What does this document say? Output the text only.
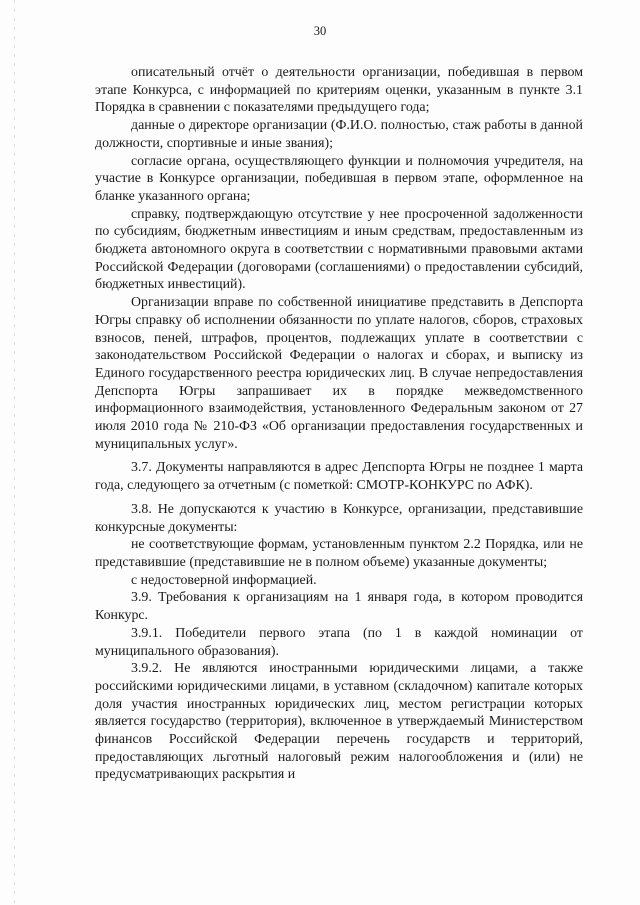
30

описательный отчёт о деятельности организации, победившая в первом этапе Конкурса, с информацией по критериям оценки, указанным в пункте 3.1 Порядка в сравнении с показателями предыдущего года;

данные о директоре организации (Ф.И.О. полностью, стаж работы в данной должности, спортивные и иные звания);

согласие органа, осуществляющего функции и полномочия учредителя, на участие в Конкурсе организации, победившая в первом этапе, оформленное на бланке указанного органа;

справку, подтверждающую отсутствие у нее просроченной задолженности по субсидиям, бюджетным инвестициям и иным средствам, предоставленным из бюджета автономного округа в соответствии с нормативными правовыми актами Российской Федерации (договорами (соглашениями) о предоставлении субсидий, бюджетных инвестиций).

Организации вправе по собственной инициативе представить в Депспорта Югры справку об исполнении обязанности по уплате налогов, сборов, страховых взносов, пеней, штрафов, процентов, подлежащих уплате в соответствии с законодательством Российской Федерации о налогах и сборах, и выписку из Единого государственного реестра юридических лиц. В случае непредоставления Депспорта Югры запрашивает их в порядке межведомственного информационного взаимодействия, установленного Федеральным законом от 27 июля 2010 года № 210-ФЗ «Об организации предоставления государственных и муниципальных услуг».

3.7. Документы направляются в адрес Депспорта Югры не позднее 1 марта года, следующего за отчетным (с пометкой: СМОТР-КОНКУРС по АФК).

3.8. Не допускаются к участию в Конкурсе, организации, представившие конкурсные документы:

не соответствующие формам, установленным пунктом 2.2 Порядка, или не представившие (представившие не в полном объеме) указанные документы;

с недостоверной информацией.

3.9. Требования к организациям на 1 января года, в котором проводится Конкурс.

3.9.1. Победители первого этапа (по 1 в каждой номинации от муниципального образования).

3.9.2. Не являются иностранными юридическими лицами, а также российскими юридическими лицами, в уставном (складочном) капитале которых доля участия иностранных юридических лиц, местом регистрации которых является государство (территория), включенное в утверждаемый Министерством финансов Российской Федерации перечень государств и территорий, предоставляющих льготный налоговый режим налогообложения и (или) не предусматривающих раскрытия и
